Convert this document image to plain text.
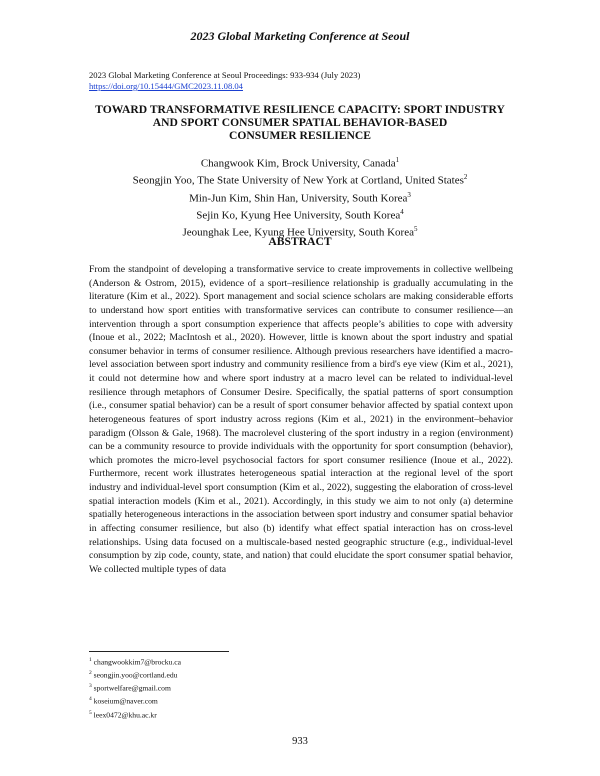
2023 Global Marketing Conference at Seoul
2023 Global Marketing Conference at Seoul Proceedings: 933-934 (July 2023)
https://doi.org/10.15444/GMC2023.11.08.04
TOWARD TRANSFORMATIVE RESILIENCE CAPACITY: SPORT INDUSTRY
AND SPORT CONSUMER SPATIAL BEHAVIOR-BASED
CONSUMER RESILIENCE
Changwook Kim, Brock University, Canada$^1$
Seongjin Yoo, The State University of New York at Cortland, United States$^2$
Min-Jun Kim, Shin Han, University, South Korea$^3$
Sejin Ko, Kyung Hee University, South Korea$^4$
Jeounghak Lee, Kyung Hee University, South Korea$^5$
ABSTRACT
From the standpoint of developing a transformative service to create improvements in collective wellbeing (Anderson & Ostrom, 2015), evidence of a sport–resilience relationship is gradually accumulating in the literature (Kim et al., 2022). Sport management and social science scholars are making considerable efforts to understand how sport entities with transformative services can contribute to consumer resilience—an intervention through a sport consumption experience that affects people’s abilities to cope with adversity (Inoue et al., 2022; MacIntosh et al., 2020). However, little is known about the sport industry and spatial consumer behavior in terms of consumer resilience. Although previous researchers have identified a macro-level association between sport industry and community resilience from a bird's eye view (Kim et al., 2021), it could not determine how and where sport industry at a macro level can be related to individual-level resilience through metaphors of Consumer Desire. Specifically, the spatial patterns of sport consumption (i.e., consumer spatial behavior) can be a result of sport consumer behavior affected by spatial context upon heterogeneous features of sport industry across regions (Kim et al., 2021) in the environment–behavior paradigm (Olsson & Gale, 1968). The macrolevel clustering of the sport industry in a region (environment) can be a community resource to provide individuals with the opportunity for sport consumption (behavior), which promotes the micro-level psychosocial factors for sport consumer resilience (Inoue et al., 2022). Furthermore, recent work illustrates heterogeneous spatial interaction at the regional level of the sport industry and individual-level sport consumption (Kim et al., 2022), suggesting the elaboration of cross-level spatial interaction models (Kim et al., 2021). Accordingly, in this study we aim to not only (a) determine spatially heterogeneous interactions in the association between sport industry and consumer spatial behavior in affecting consumer resilience, but also (b) identify what effect spatial interaction has on cross-level relationships. Using data focused on a multiscale-based nested geographic structure (e.g., individual-level consumption by zip code, county, state, and nation) that could elucidate the sport consumer spatial behavior, We collected multiple types of data
$^1$ changwookkim7@brocku.ca
$^2$ seongjin.yoo@cortland.edu
$^3$ sportwelfare@gmail.com
$^4$ koseium@naver.com
$^5$ leex0472@khu.ac.kr
933
